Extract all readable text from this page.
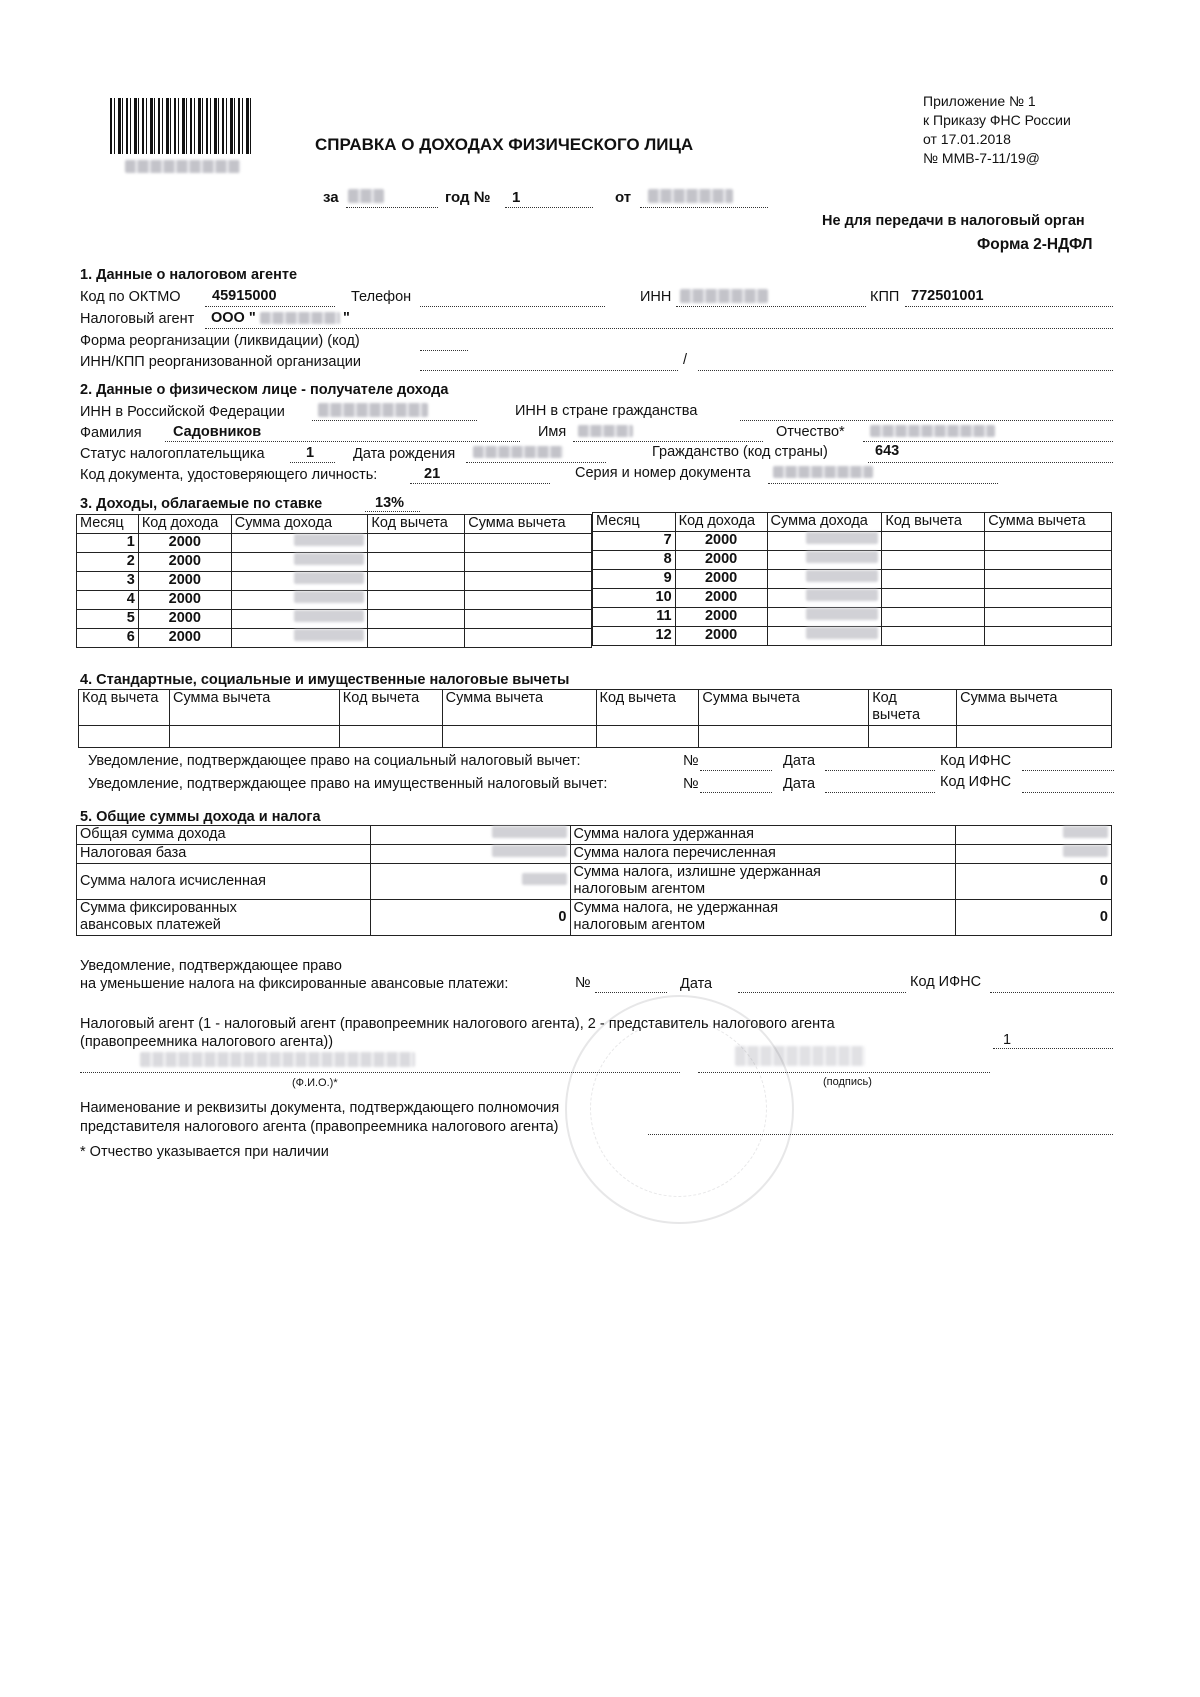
Приложение № 1
к Приказу ФНС России
от 17.01.2018
№ ММВ-7-11/19@
СПРАВКА О ДОХОДАХ ФИЗИЧЕСКОГО ЛИЦА
за	год № 1	от
Не для передачи в налоговый орган
Форма 2-НДФЛ
1. Данные о налоговом агенте
Код по ОКТМО 45915000	Телефон	ИНН	КПП 772501001
Налоговый агент ООО "	"
Форма реорганизации (ликвидации) (код)
ИНН/КПП реорганизованной организации	/
2. Данные о физическом лице - получателе дохода
ИНН в Российской Федерации	ИНН в стране гражданства
Фамилия Садовников	Имя	Отчество*
Статус налогоплательщика	1	Дата рождения	Гражданство (код страны)	643
Код документа, удостоверяющего личность:	21	Серия и номер документа
3. Доходы, облагаемые по ставке	13%
Месяц	Код дохода	Сумма дохода	Код вычета	Сумма вычета
1	2000			
2	2000			
3	2000			
4	2000			
5	2000			
6	2000			
Месяц	Код дохода	Сумма дохода	Код вычета	Сумма вычета
7	2000			
8	2000			
9	2000			
10	2000			
11	2000			
12	2000			
4. Стандартные, социальные и имущественные налоговые вычеты
Код вычета	Сумма вычета	Код вычета	Сумма вычета	Код вычета	Сумма вычета	Код
вычета	Сумма вычета

Уведомление, подтверждающее право на социальный налоговый вычет:	№	Дата	Код ИФНС
Уведомление, подтверждающее право на имущественный налоговый вычет:	№	Дата	Код ИФНС
5. Общие суммы дохода и налога
Общая сумма дохода		Сумма налога удержанная	
Налоговая база		Сумма налога перечисленная	
Сумма налога исчисленная		Сумма налога, излишне удержанная
налоговым агентом	0
Сумма фиксированных
авансовых платежей	0	Сумма налога, не удержанная
налоговым агентом	0
Уведомление, подтверждающее право
на уменьшение налога на фиксированные авансовые платежи:	№	Дата	Код ИФНС
Налоговый агент (1 - налоговый агент (правопреемник налогового агента), 2 - представитель налогового агента
(правопреемника налогового агента))	1
(Ф.И.О.)*	(подпись)
Наименование и реквизиты документа, подтверждающего полномочия
представителя налогового агента (правопреемника налогового агента)
* Отчество указывается при наличии
